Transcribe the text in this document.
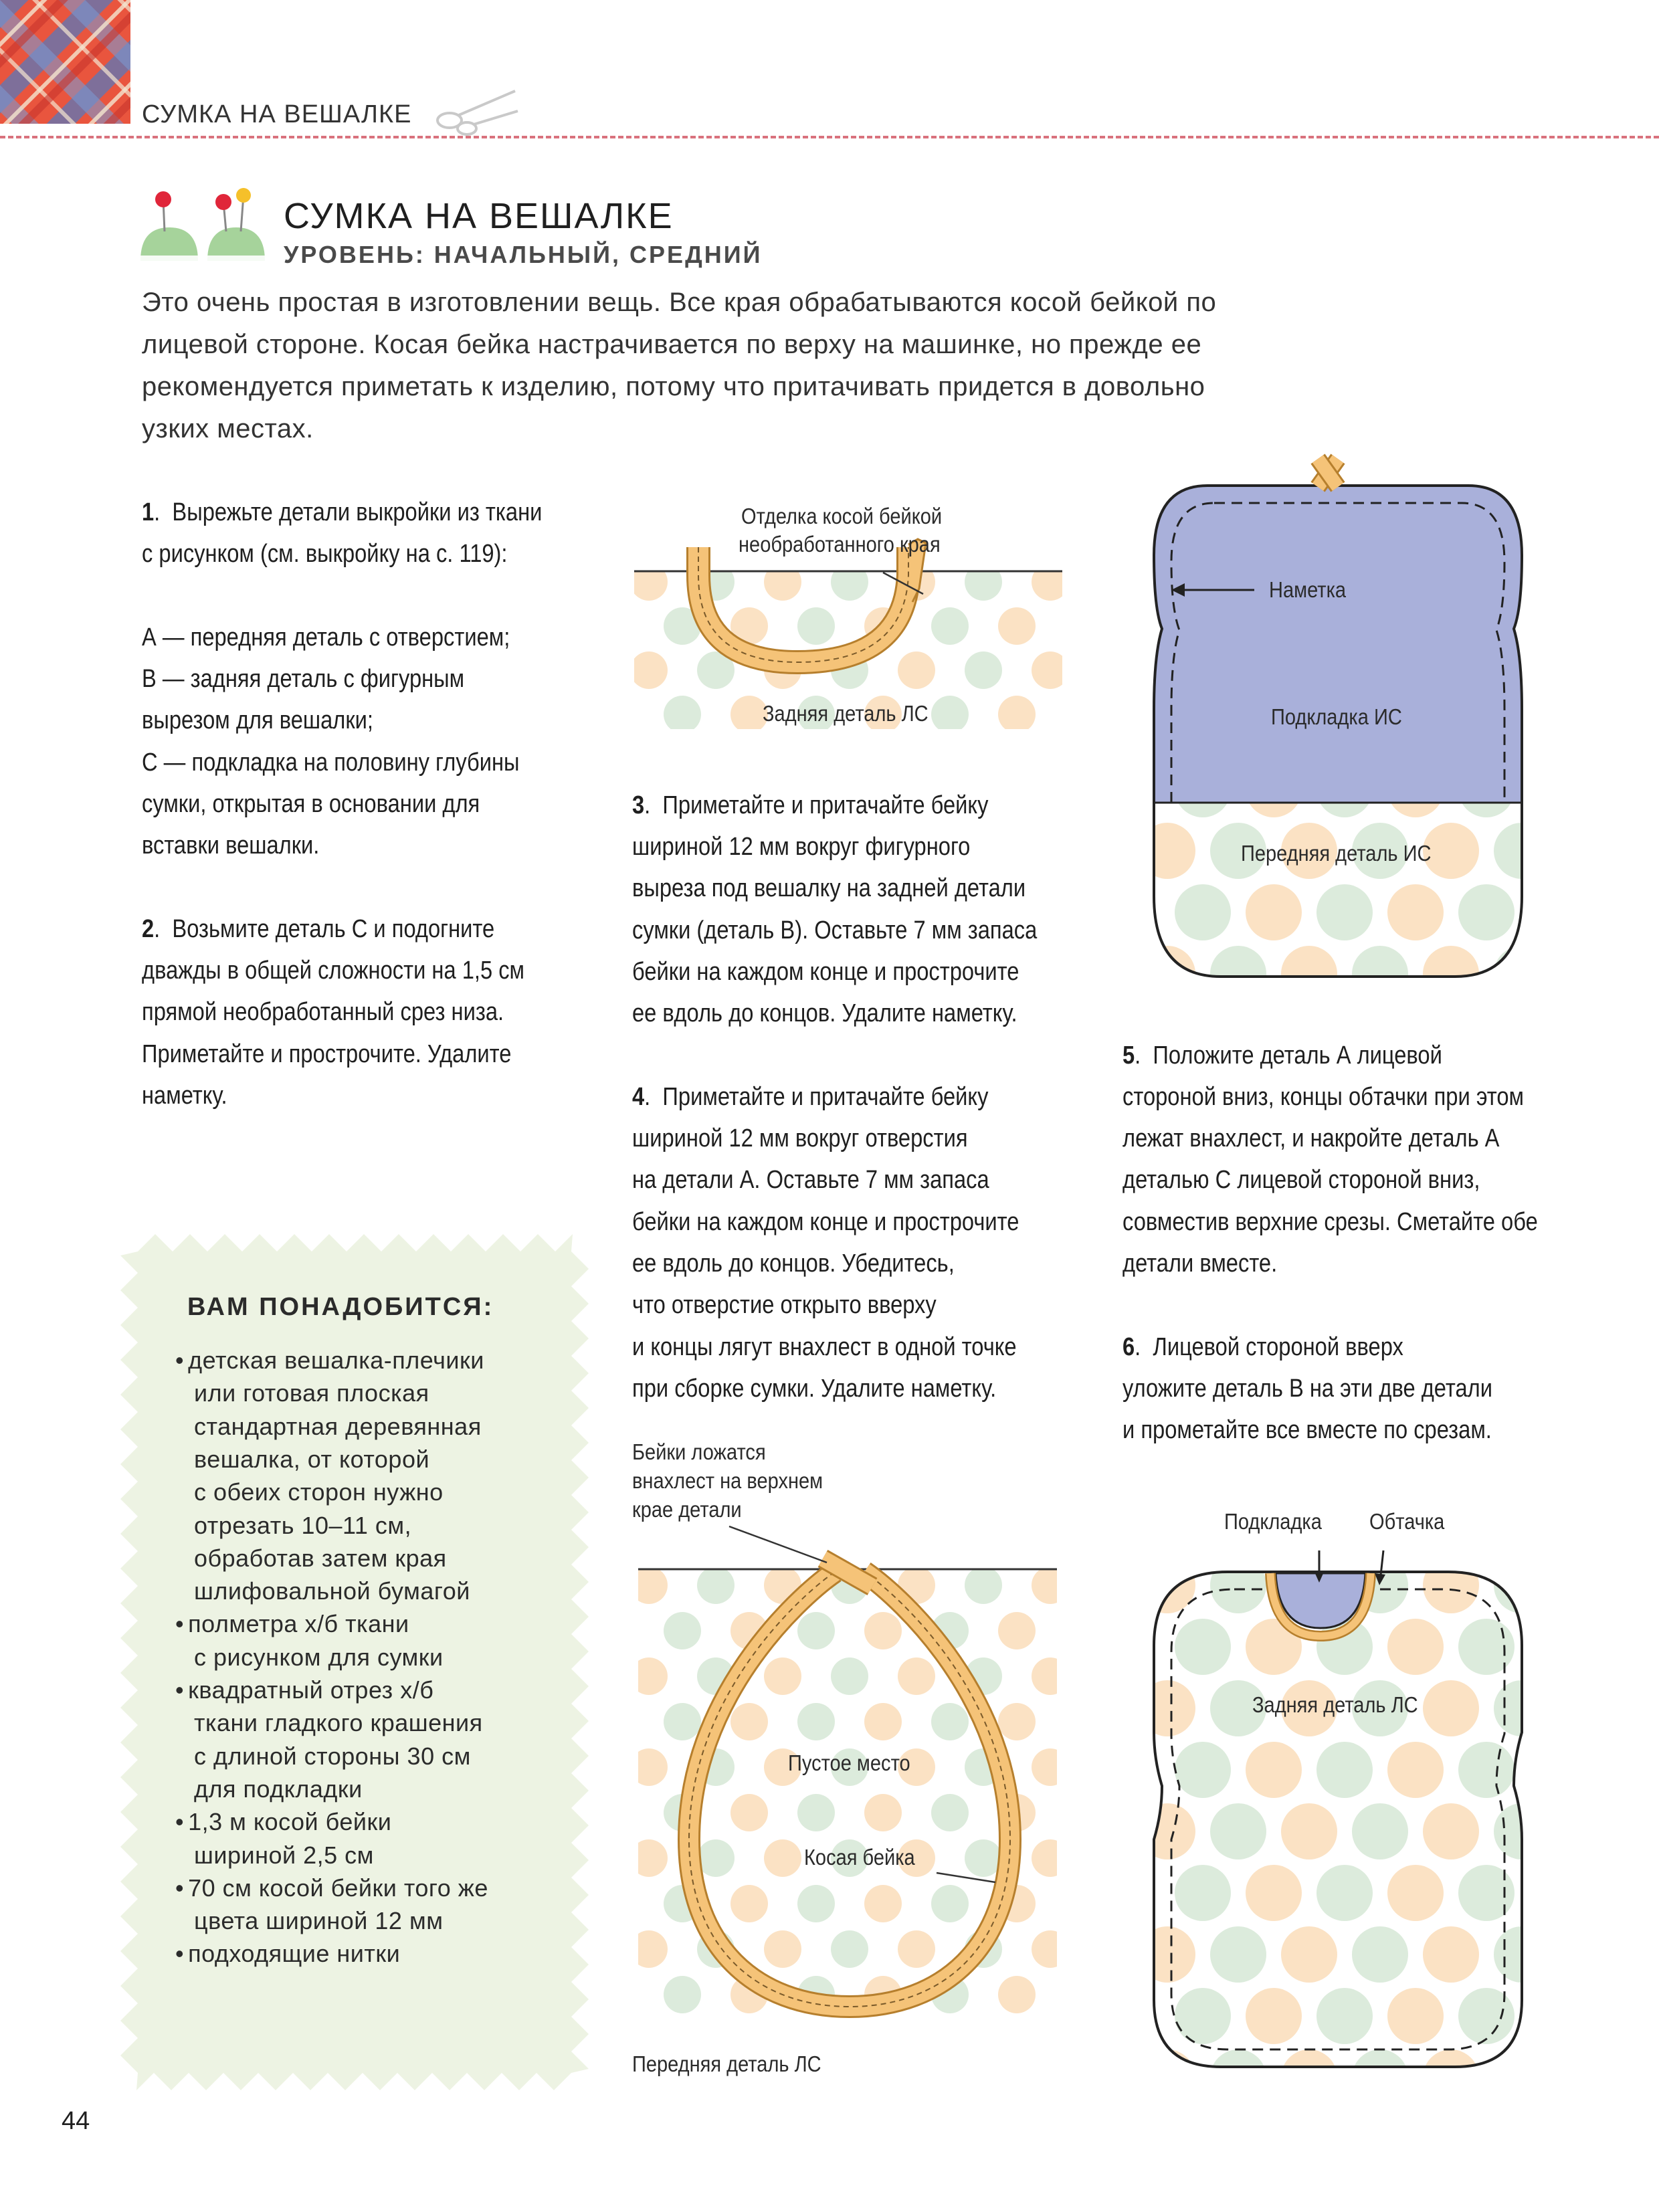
СУМКА НА ВЕШАЛКЕ
СУМКА НА ВЕШАЛКЕ
УРОВЕНЬ: НАЧАЛЬНЫЙ, СРЕДНИЙ
Это очень простая в изготовлении вещь. Все края обрабатываются косой бейкой по
лицевой стороне. Косая бейка настрачивается по верху на машинке, но прежде ее
рекомендуется приметать к изделию, потому что притачивать придется в довольно
узких местах.
1.  Вырежьте детали выкройки из ткани
с рисунком (см. выкройку на с. 119):
А — передняя деталь с отверстием;
В — задняя деталь с фигурным
вырезом для вешалки;
С — подкладка на половину глубины
сумки, открытая в основании для
вставки вешалки.
2.  Возьмите деталь С и подогните
дважды в общей сложности на 1,5 см
прямой необработанный срез низа.
Приметайте и прострочите. Удалите
наметку.
ВАМ ПОНАДОБИТСЯ:
• детская вешалка-плечики
или готовая плоская
стандартная деревянная
вешалка, от которой
с обеих сторон нужно
отрезать 10–11 см,
обработав затем края
шлифовальной бумагой
• полметра х/б ткани
с рисунком для сумки
• квадратный отрез х/б
ткани гладкого крашения
с длиной стороны 30 см
для подкладки
• 1,3 м косой бейки
шириной 2,5 см
• 70 см косой бейки того же
цвета шириной 12 мм
• подходящие нитки
Отделка косой бейкой
необработанного края
Задняя деталь ЛС
3.  Приметайте и притачайте бейку
шириной 12 мм вокруг фигурного
выреза под вешалку на задней детали
сумки (деталь В). Оставьте 7 мм запаса
бейки на каждом конце и прострочите
ее вдоль до концов. Удалите наметку.
4.  Приметайте и притачайте бейку
шириной 12 мм вокруг отверстия
на детали А. Оставьте 7 мм запаса
бейки на каждом конце и прострочите
ее вдоль до концов. Убедитесь,
что отверстие открыто вверху
и концы лягут внахлест в одной точке
при сборке сумки. Удалите наметку.
Бейки ложатся
внахлест на верхнем
крае детали
Пустое место
Косая бейка
Передняя деталь ЛС
Наметка
Подкладка ИС
Передняя деталь ИС
5.  Положите деталь А лицевой
стороной вниз, концы обтачки при этом
лежат внахлест, и накройте деталь А
деталью С лицевой стороной вниз,
совместив верхние срезы. Сметайте обе
детали вместе.
6.  Лицевой стороной вверх
уложите деталь В на эти две детали
и прометайте все вместе по срезам.
Подкладка Обтачка
Задняя деталь ЛС
44
